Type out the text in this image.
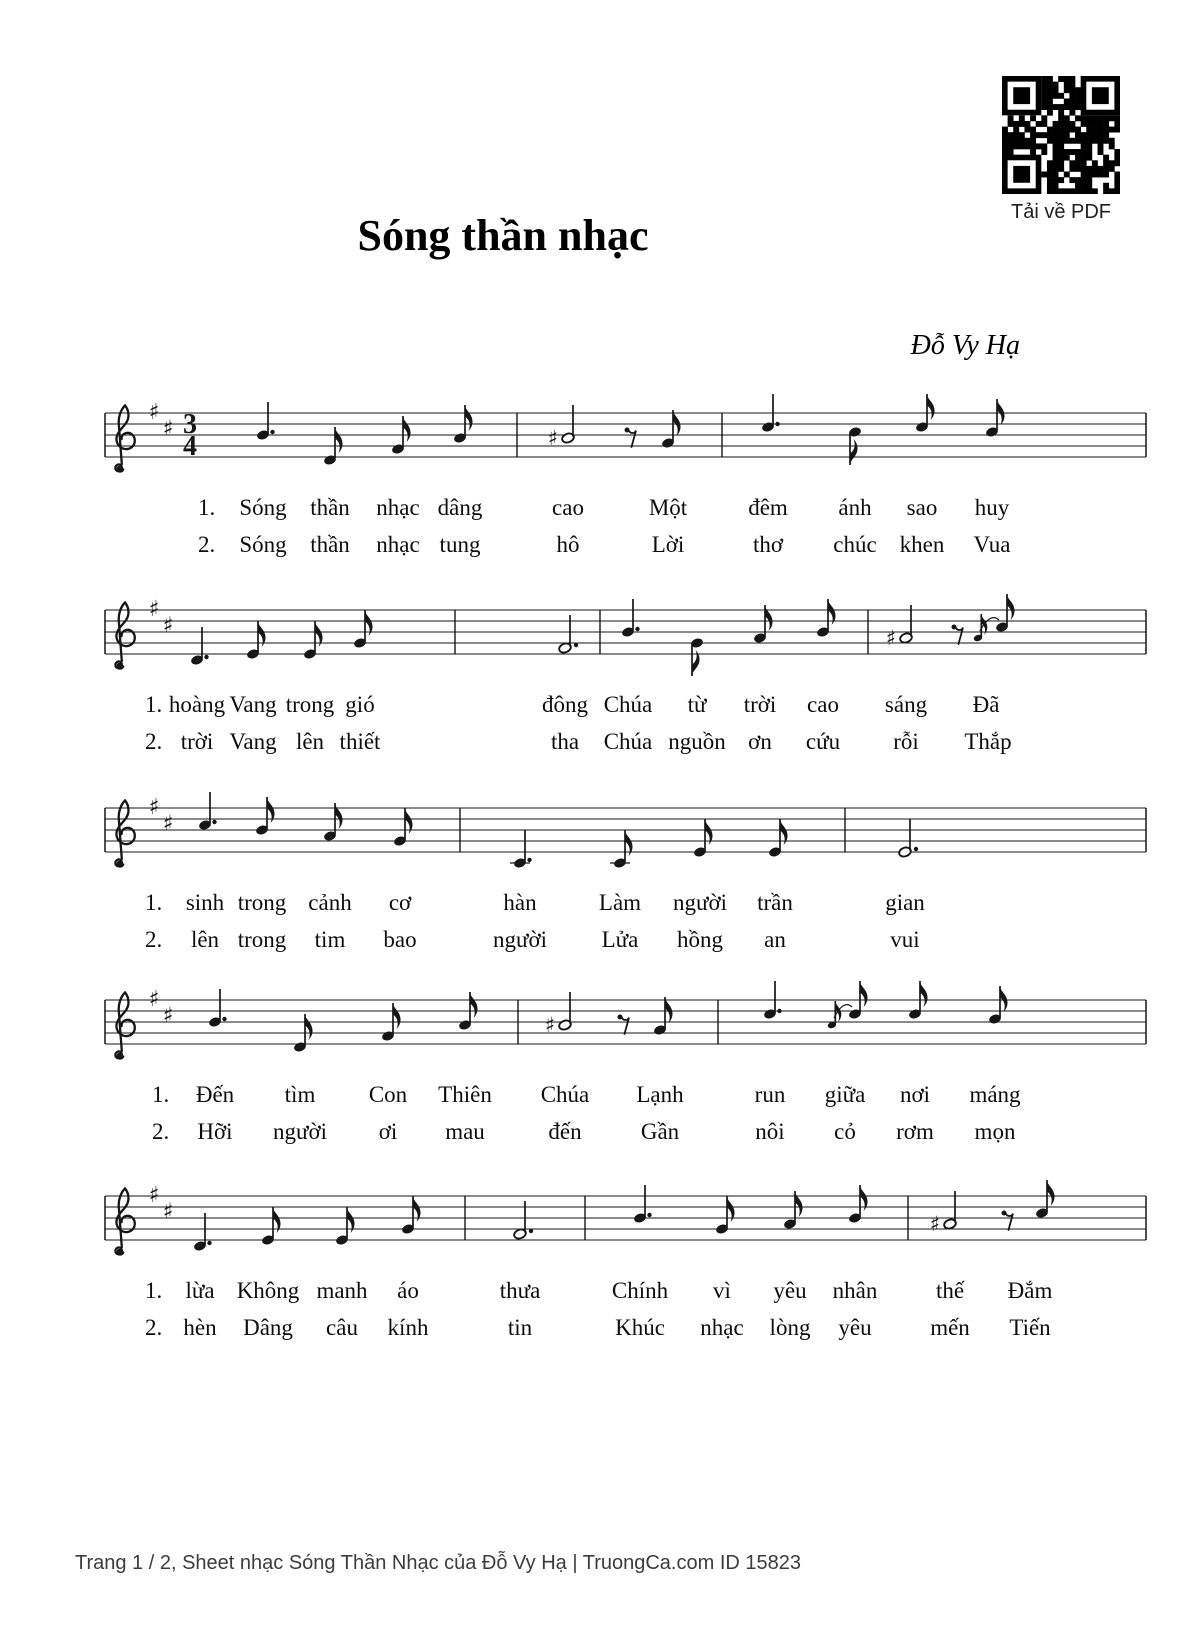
Tải về PDF
Sóng thần nhạc
Đỗ Vy Hạ
♯
♯ 3
4	♯
♯
♯	♯
♯
♯
♯
♯	♯
♯
♯	♯
1. Sóng thần nhạc dâng	cao	Một	đêm ánh sao huy
2. Sóng thần nhạc tung	hô	Lời	thơ chúc khen Vua
1. hoàng Vang trong gió	đông Chúa từ trời cao sáng Đã
2. trời Vang lên thiết	tha Chúa nguồn ơn cứu rỗi Thắp
1. sinh trong cảnh cơ	hàn	Làm người trần	gian
2. lên trong tim bao	người Lửa hồng an	vui
1. Đến tìm Con Thiên Chúa Lạnh	run giữa nơi máng
2. Hỡi người ơi mau	đến	Gần	nôi cỏ rơm mọn
1. lừa Không manh áo	thưa	Chính vì yêu nhân	thế Đắm
2. hèn Dâng câu kính	tin	Khúc nhạc lòng yêu	mến Tiến
Trang 1 / 2, Sheet nhạc Sóng Thần Nhạc của Đỗ Vy Hạ | TruongCa.com ID 15823
